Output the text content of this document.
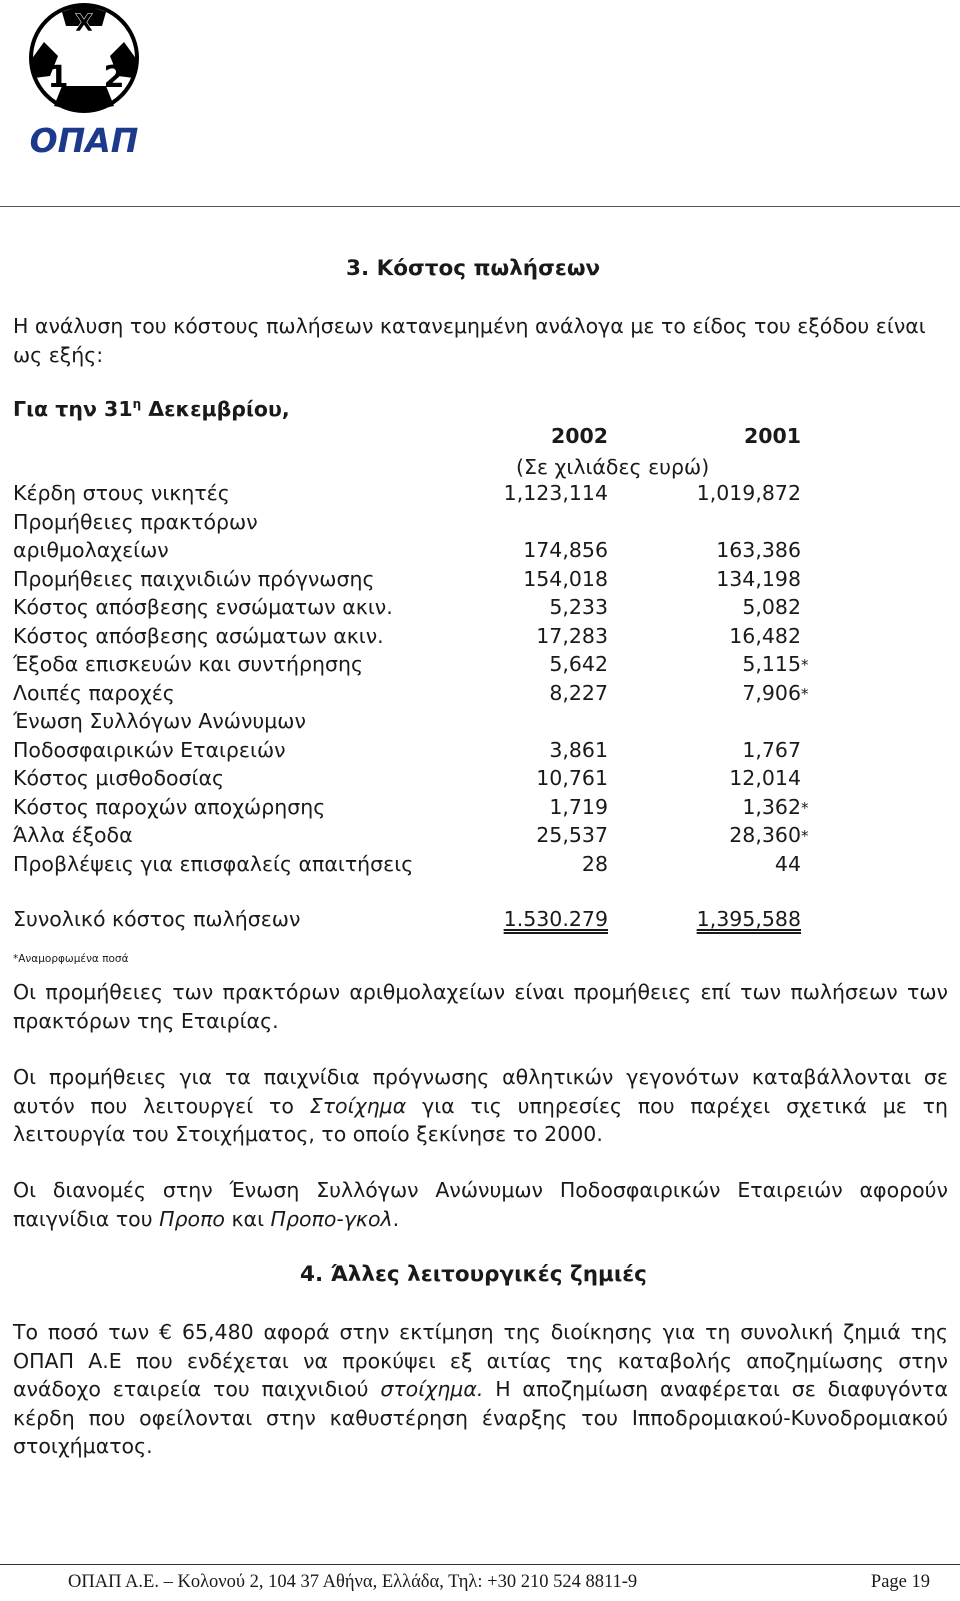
X
1 2
ΟΠΑΠ
3. Κόστος πωλήσεων
Η ανάλυση του κόστους πωλήσεων κατανεμημένη ανάλογα με το είδος του εξόδου είναι ως εξής:
Για την $31^\eta$ Δεκεμβρίου,
2002	2001
(Σε χιλιάδες ευρώ)
Κέρδη στους νικητές	1,123,114	1,019,872
Προμήθειες πρακτόρων
αριθμολαχείων	174,856	163,386
Προμήθειες παιχνιδιών πρόγνωσης	154,018	134,198
Κόστος απόσβεσης ενσώματων ακιν.	5,233	5,082
Κόστος απόσβεσης ασώματων ακιν.	17,283	16,482
Έξοδα επισκευών και συντήρησης	5,642	5,115*
Λοιπές παροχές	8,227	7,906*
Ένωση Συλλόγων Ανώνυμων
Ποδοσφαιρικών Εταιρειών	3,861	1,767
Κόστος μισθοδοσίας	10,761	12,014
Κόστος παροχών αποχώρησης	1,719	1,362*
Άλλα έξοδα	25,537	28,360*
Προβλέψεις για επισφαλείς απαιτήσεις	28	44
Συνολικό κόστος πωλήσεων	1.530.279	1,395,588
*Αναμορφωμένα ποσά
Οι προμήθειες των πρακτόρων αριθμολαχείων είναι προμήθειες επί των πωλήσεων των πρακτόρων της Εταιρίας.
Οι προμήθειες για τα παιχνίδια πρόγνωσης αθλητικών γεγονότων καταβάλλονται σε αυτόν που λειτουργεί το Στοίχημα για τις υπηρεσίες που παρέχει σχετικά με τη λειτουργία του Στοιχήματος, το οποίο ξεκίνησε το 2000.
Οι διανομές στην Ένωση Συλλόγων Ανώνυμων Ποδοσφαιρικών Εταιρειών αφορούν παιγνίδια του Προπο και Προπο-γκολ.
4. Άλλες λειτουργικές ζημιές
Το ποσό των € 65,480 αφορά στην εκτίμηση της διοίκησης για τη συνολική ζημιά της ΟΠΑΠ Α.Ε που ενδέχεται να προκύψει εξ αιτίας της καταβολής αποζημίωσης στην ανάδοχο εταιρεία του παιχνιδιού στοίχημα. Η αποζημίωση αναφέρεται σε διαφυγόντα κέρδη που οφείλονται στην καθυστέρηση έναρξης του Ιπποδρομιακού-Κυνοδρομιακού στοιχήματος.
ΟΠΑΠ Α.Ε. – Κολονού 2, 104 37 Αθήνα, Ελλάδα, Τηλ: +30 210 524 8811-9	Page 19
